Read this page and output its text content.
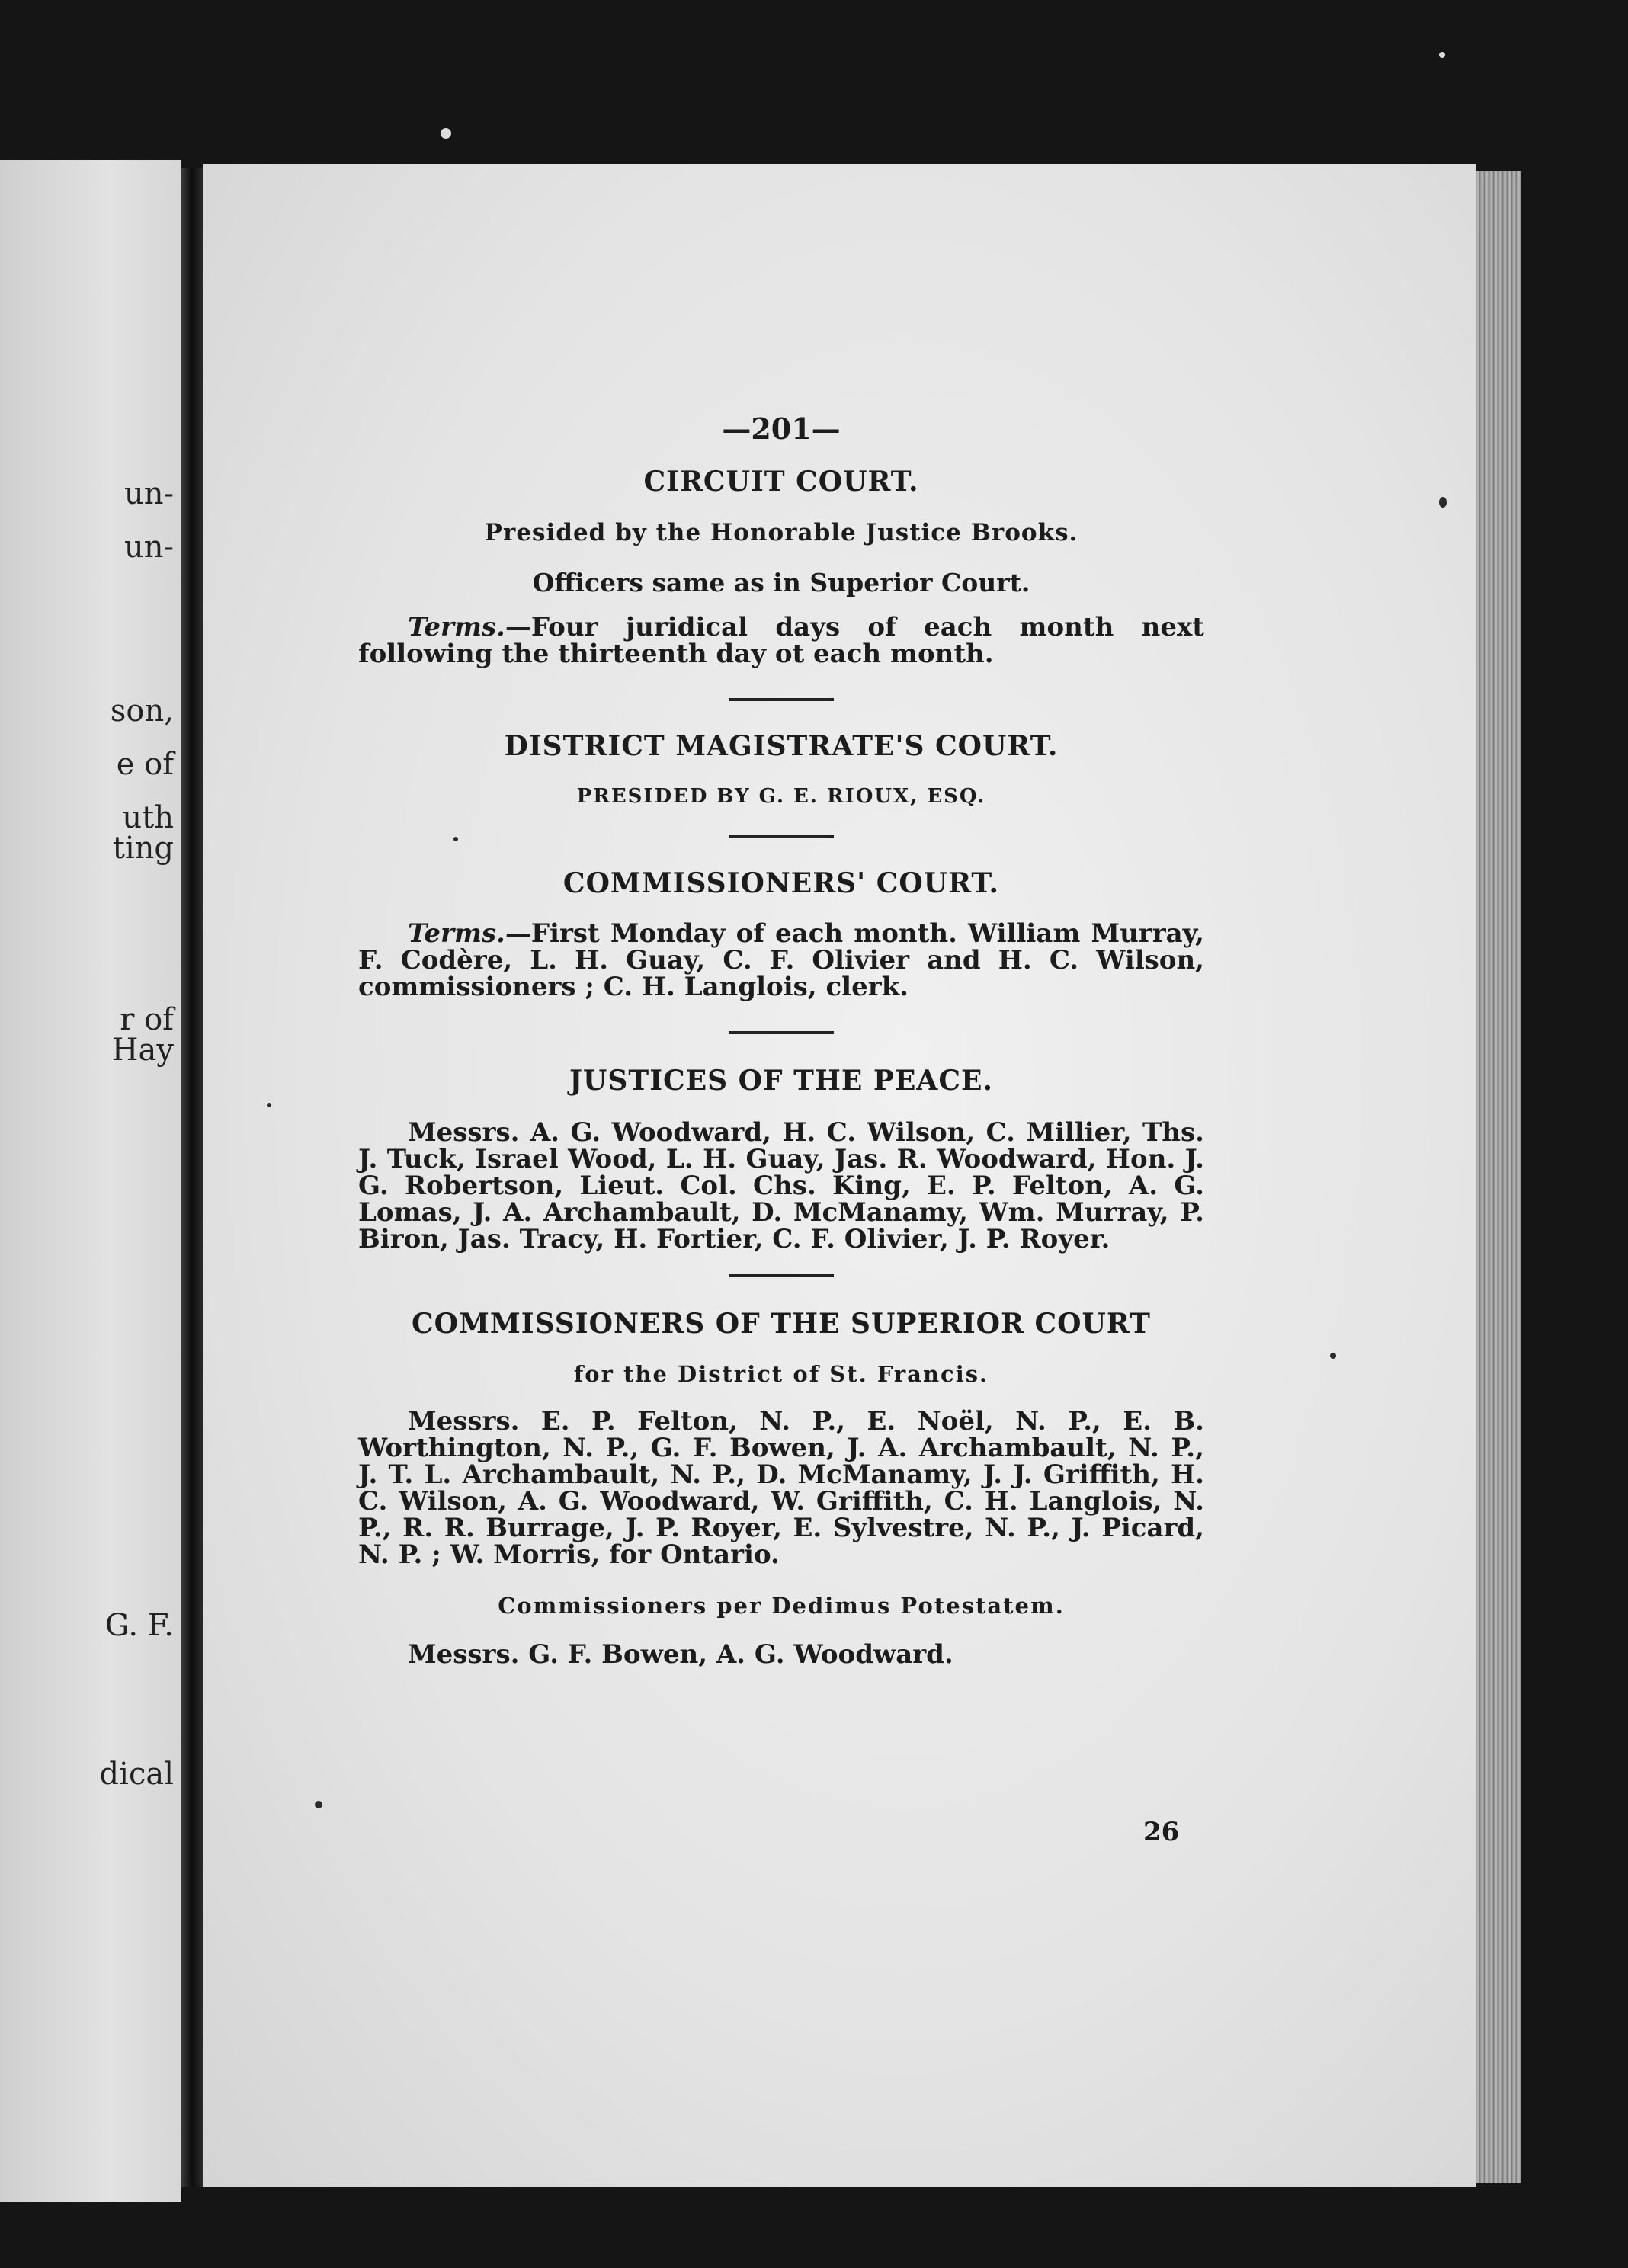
un-
un-
son,
e of
uth
ting
r of
Hay
G. F.
dical
—201—
CIRCUIT COURT.
Presided by the Honorable Justice Brooks.
Officers same as in Superior Court.

Terms.—Four juridical days of each month next following the thirteenth day ot each month.

DISTRICT MAGISTRATE'S COURT.
PRESIDED BY G. E. RIOUX, ESQ.
COMMISSIONERS' COURT.

Terms.—First Monday of each month. William Murray, F. Codère, L. H. Guay, C. F. Olivier and H. C. Wilson, commissioners ; C. H. Langlois, clerk.

JUSTICES OF THE PEACE.

Messrs. A. G. Woodward, H. C. Wilson, C. Millier, Ths. J. Tuck, Israel Wood, L. H. Guay, Jas. R. Woodward, Hon. J. G. Robertson, Lieut. Col. Chs. King, E. P. Felton, A. G. Lomas, J. A. Archambault, D. McManamy, Wm. Murray, P. Biron, Jas. Tracy, H. Fortier, C. F. Olivier, J. P. Royer.

COMMISSIONERS OF THE SUPERIOR COURT
for the District of St. Francis.

Messrs. E. P. Felton, N. P., E. Noël, N. P., E. B. Worthington, N. P., G. F. Bowen, J. A. Archambault, N. P., J. T. L. Archambault, N. P., D. McManamy, J. J. Griffith, H. C. Wilson, A. G. Woodward, W. Griffith, C. H. Langlois, N. P., R. R. Burrage, J. P. Royer, E. Sylvestre, N. P., J. Picard, N. P. ; W. Morris, for Ontario.

Commissioners per Dedimus Potestatem.

Messrs. G. F. Bowen, A. G. Woodward.

26
